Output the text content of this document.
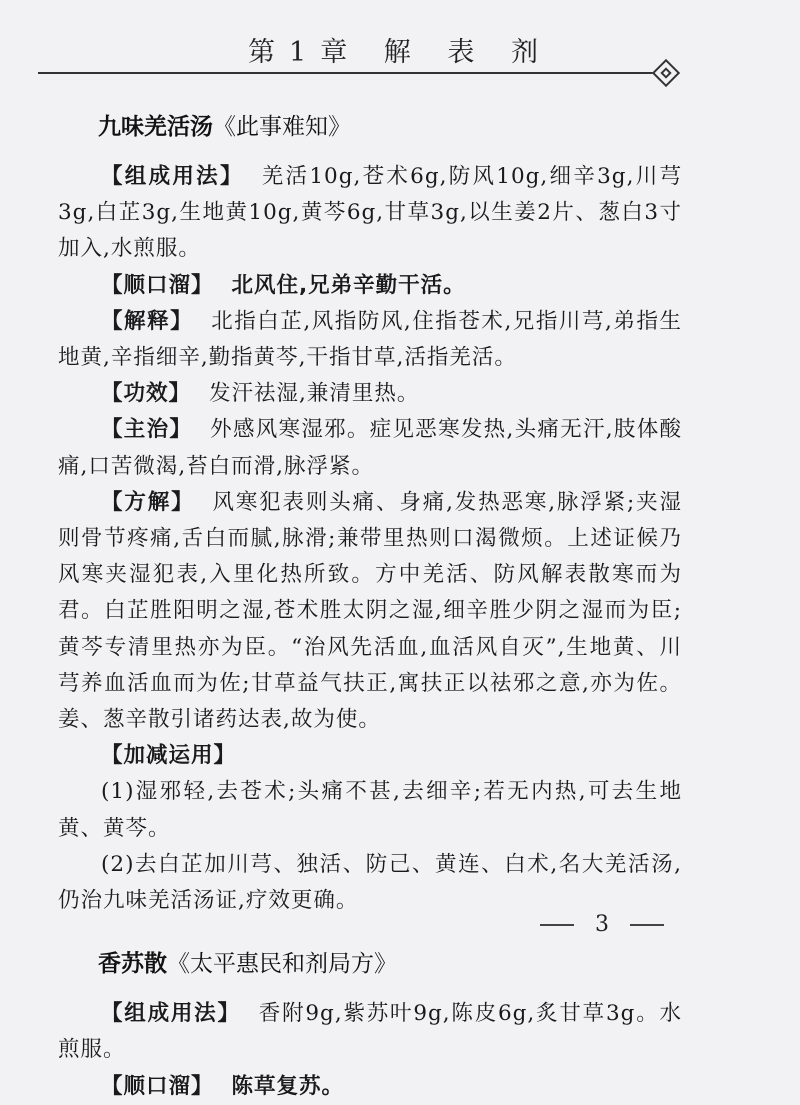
第1章 解 表 剂
九味羌活汤《此事难知》

【组成用法】 羌活10g,苍术6g,防风10g,细辛3g,川芎3g,白芷3g,生地黄10g,黄芩6g,甘草3g,以生姜2片、葱白3寸加入,水煎服。

【顺口溜】 北风住,兄弟辛勤干活。

【解释】 北指白芷,风指防风,住指苍术,兄指川芎,弟指生地黄,辛指细辛,勤指黄芩,干指甘草,活指羌活。

【功效】 发汗祛湿,兼清里热。

【主治】 外感风寒湿邪。症见恶寒发热,头痛无汗,肢体酸痛,口苦微渴,苔白而滑,脉浮紧。

【方解】 风寒犯表则头痛、身痛,发热恶寒,脉浮紧;夹湿则骨节疼痛,舌白而腻,脉滑;兼带里热则口渴微烦。上述证候乃风寒夹湿犯表,入里化热所致。方中羌活、防风解表散寒而为君。白芷胜阳明之湿,苍术胜太阴之湿,细辛胜少阴之湿而为臣;黄芩专清里热亦为臣。“治风先活血,血活风自灭”,生地黄、川芎养血活血而为佐;甘草益气扶正,寓扶正以祛邪之意,亦为佐。姜、葱辛散引诸药达表,故为使。

【加减运用】

(1)湿邪轻,去苍术;头痛不甚,去细辛;若无内热,可去生地黄、黄芩。

(2)去白芷加川芎、独活、防己、黄连、白术,名大羌活汤,仍治九味羌活汤证,疗效更确。

香苏散《太平惠民和剂局方》

【组成用法】 香附9g,紫苏叶9g,陈皮6g,炙甘草3g。水煎服。

【顺口溜】 陈草复苏。

3
